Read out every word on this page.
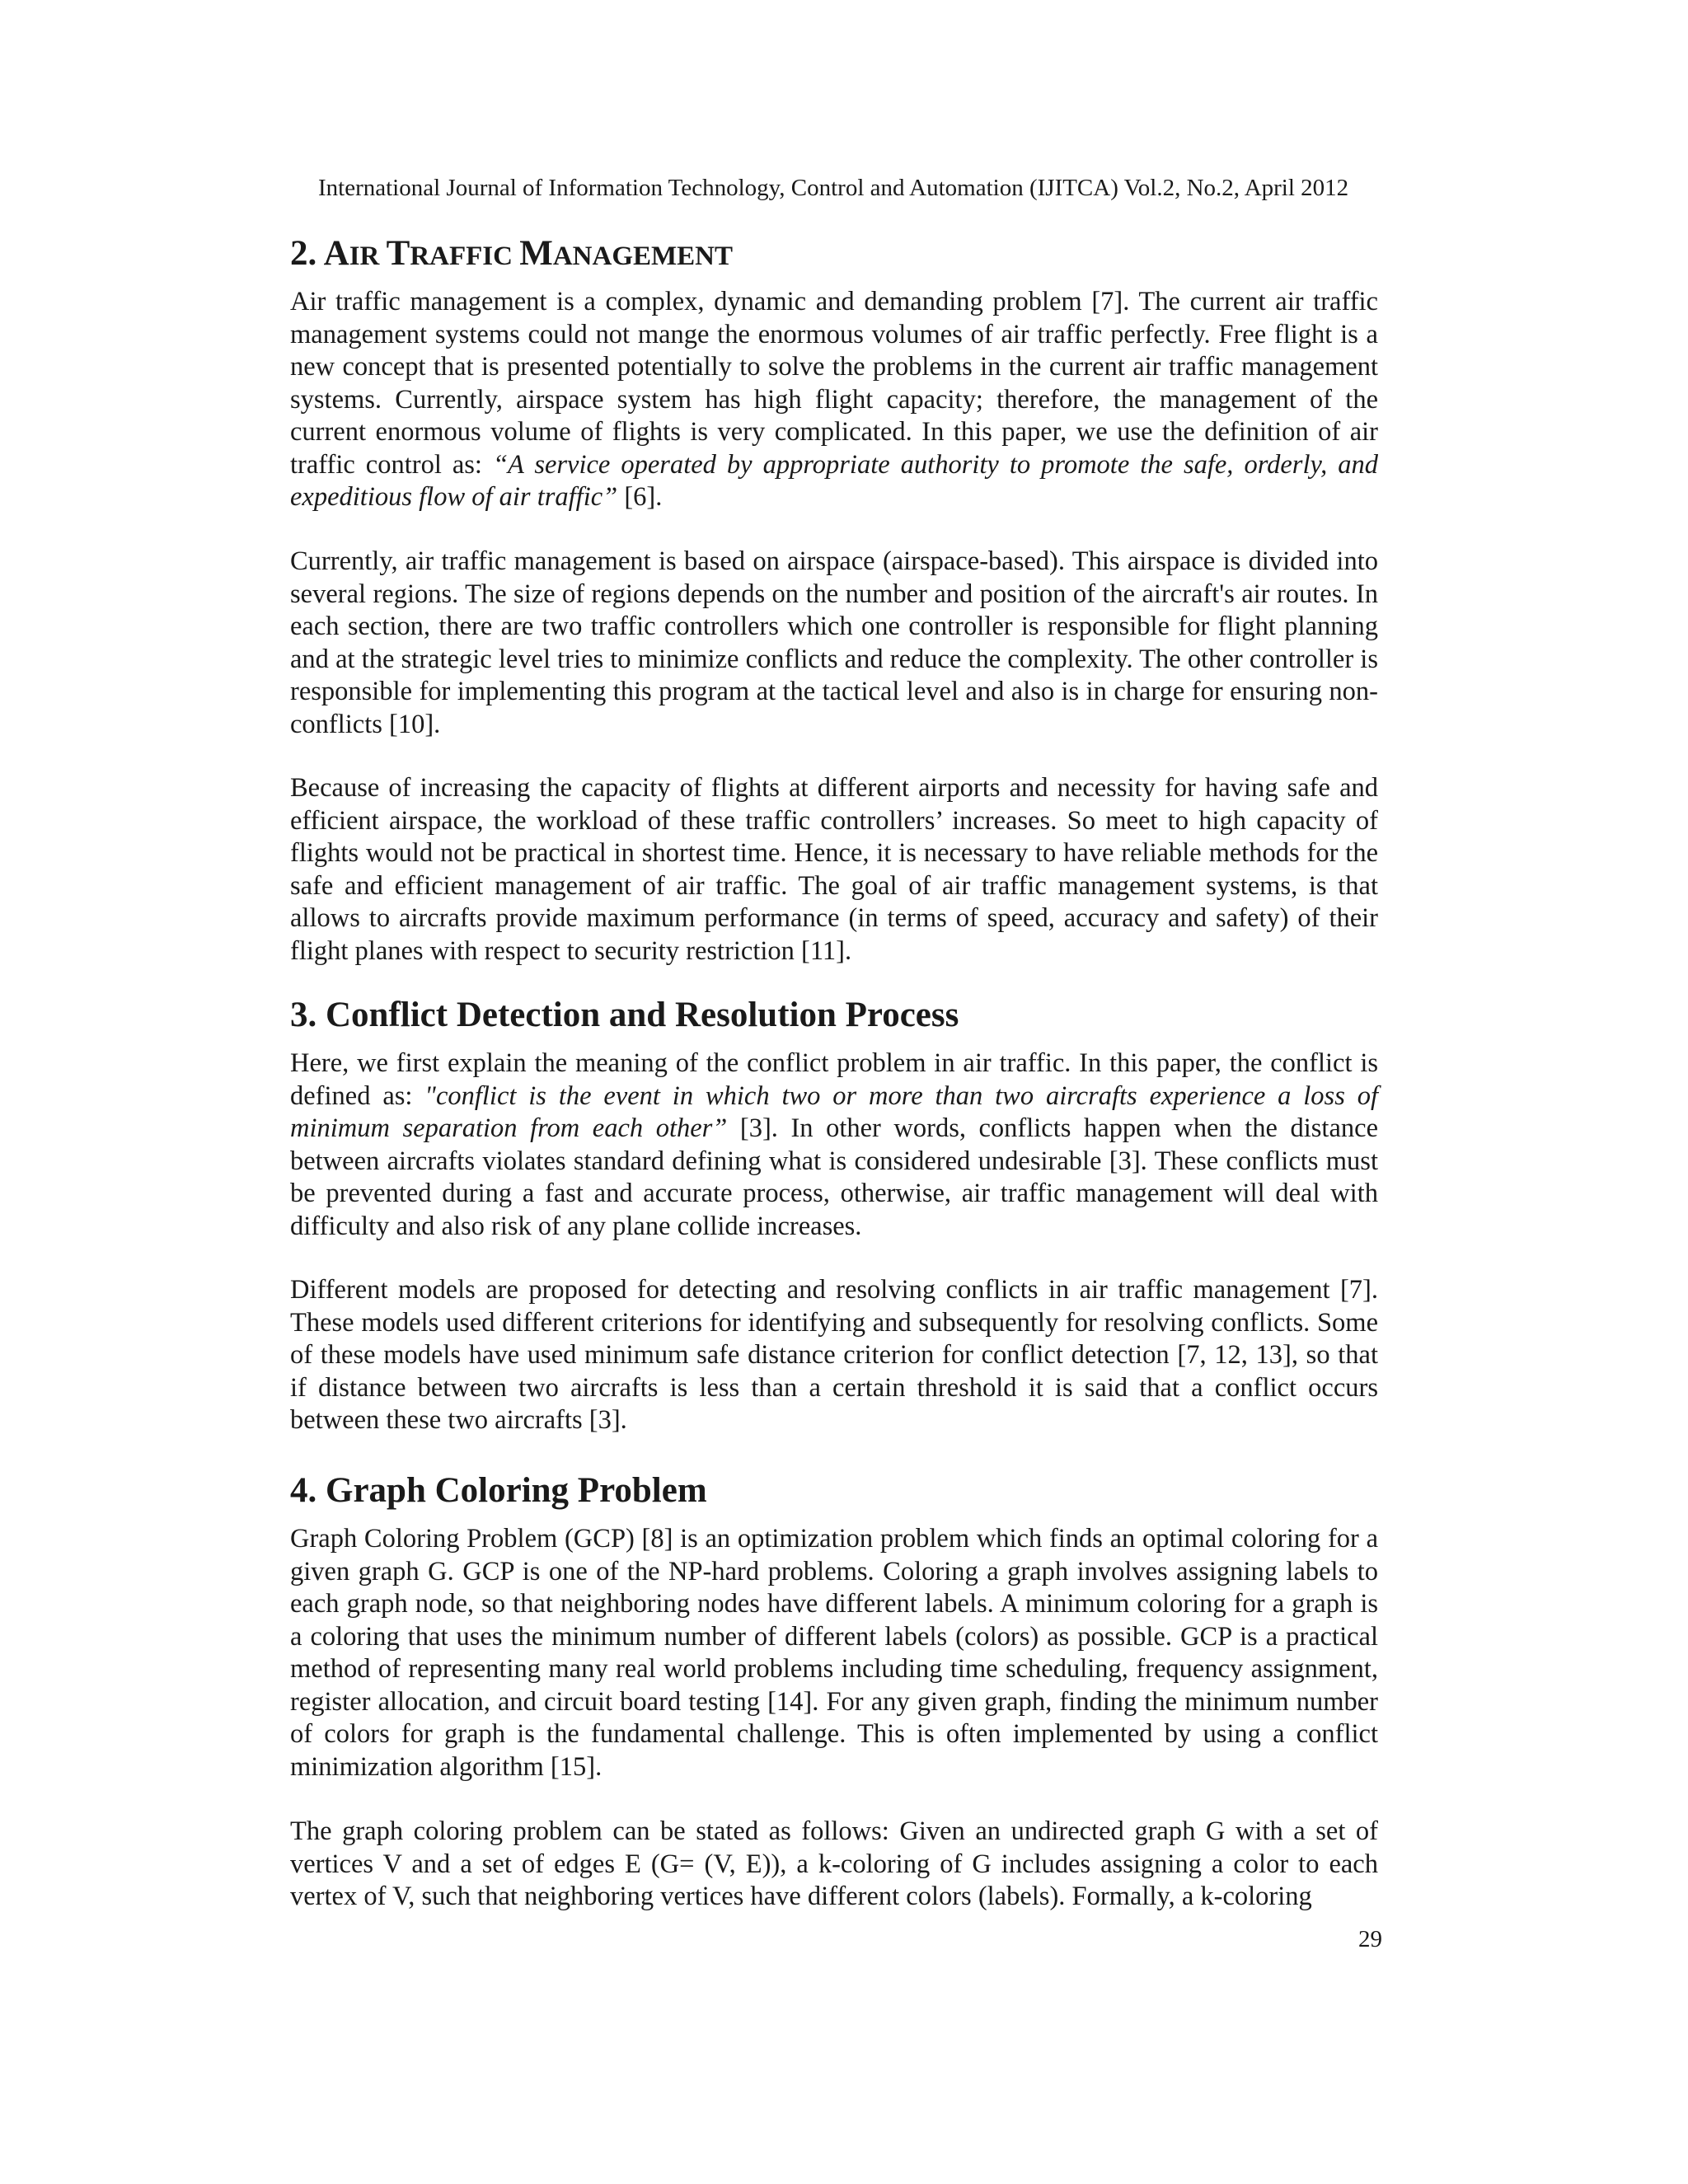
International Journal of Information Technology, Control and Automation (IJITCA) Vol.2, No.2, April 2012
2. AIR TRAFFIC MANAGEMENT

Air traffic management is a complex, dynamic and demanding problem [7]. The current air traffic management systems could not mange the enormous volumes of air traffic perfectly. Free flight is a new concept that is presented potentially to solve the problems in the current air traffic management systems. Currently, airspace system has high flight capacity; therefore, the management of the current enormous volume of flights is very complicated. In this paper, we use the definition of air traffic control as: “A service operated by appropriate authority to promote the safe, orderly, and expeditious flow of air traffic” [6].

Currently, air traffic management is based on airspace (airspace-based). This airspace is divided into several regions. The size of regions depends on the number and position of the aircraft's air routes. In each section, there are two traffic controllers which one controller is responsible for flight planning and at the strategic level tries to minimize conflicts and reduce the complexity. The other controller is responsible for implementing this program at the tactical level and also is in charge for ensuring non-conflicts [10].

Because of increasing the capacity of flights at different airports and necessity for having safe and efficient airspace, the workload of these traffic controllers’ increases. So meet to high capacity of flights would not be practical in shortest time. Hence, it is necessary to have reliable methods for the safe and efficient management of air traffic. The goal of air traffic management systems, is that allows to aircrafts provide maximum performance (in terms of speed, accuracy and safety) of their flight planes with respect to security restriction [11].

3. Conflict Detection and Resolution Process

Here, we first explain the meaning of the conflict problem in air traffic. In this paper, the conflict is defined as: "conflict is the event in which two or more than two aircrafts experience a loss of minimum separation from each other” [3]. In other words, conflicts happen when the distance between aircrafts violates standard defining what is considered undesirable [3]. These conflicts must be prevented during a fast and accurate process, otherwise, air traffic management will deal with difficulty and also risk of any plane collide increases.

Different models are proposed for detecting and resolving conflicts in air traffic management [7]. These models used different criterions for identifying and subsequently for resolving conflicts. Some of these models have used minimum safe distance criterion for conflict detection [7, 12, 13], so that if distance between two aircrafts is less than a certain threshold it is said that a conflict occurs between these two aircrafts [3].

4. Graph Coloring Problem

Graph Coloring Problem (GCP) [8] is an optimization problem which finds an optimal coloring for a given graph G. GCP is one of the NP-hard problems. Coloring a graph involves assigning labels to each graph node, so that neighboring nodes have different labels. A minimum coloring for a graph is a coloring that uses the minimum number of different labels (colors) as possible. GCP is a practical method of representing many real world problems including time scheduling, frequency assignment, register allocation, and circuit board testing [14]. For any given graph, finding the minimum number of colors for graph is the fundamental challenge. This is often implemented by using a conflict minimization algorithm [15].

The graph coloring problem can be stated as follows: Given an undirected graph G with a set of vertices V and a set of edges E (G= (V, E)), a k-coloring of G includes assigning a color to each vertex of V, such that neighboring vertices have different colors (labels). Formally, a k-coloring

29
